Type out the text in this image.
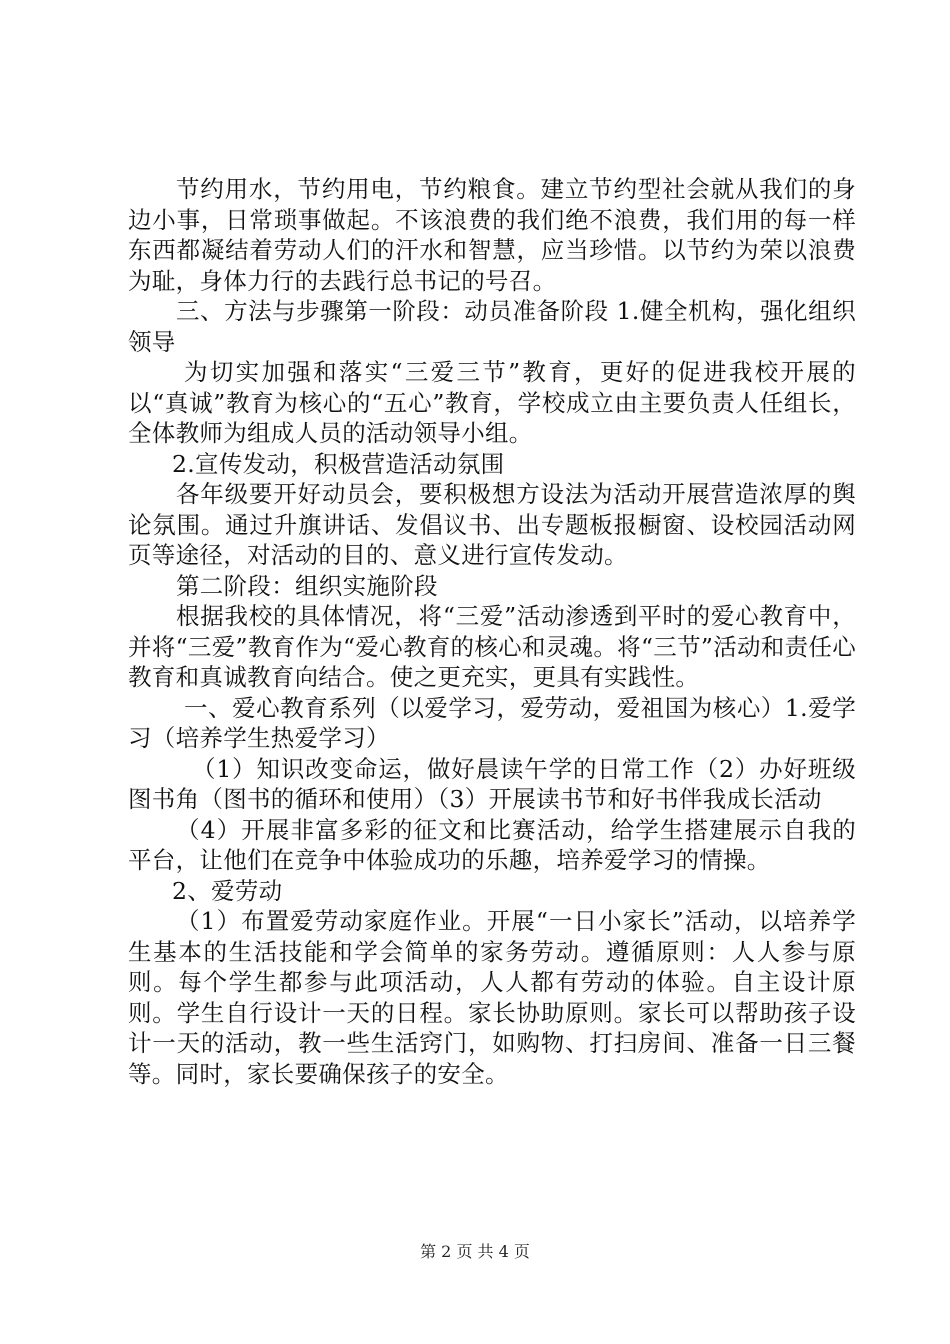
节约用水，节约用电，节约粮食。建立节约型社会就从我们的身边小事，日常琐事做起。不该浪费的我们绝不浪费，我们用的每一样东西都凝结着劳动人们的汗水和智慧，应当珍惜。以节约为荣以浪费为耻，身体力行的去践行总书记的号召。

三、方法与步骤第一阶段：动员准备阶段 1.健全机构，强化组织领导

为切实加强和落实“三爱三节”教育，更好的促进我校开展的以“真诚”教育为核心的“五心”教育，学校成立由主要负责人任组长，全体教师为组成人员的活动领导小组。

2.宣传发动，积极营造活动氛围

各年级要开好动员会，要积极想方设法为活动开展营造浓厚的舆论氛围。通过升旗讲话、发倡议书、出专题板报橱窗、设校园活动网页等途径，对活动的目的、意义进行宣传发动。

第二阶段：组织实施阶段

根据我校的具体情况，将“三爱”活动渗透到平时的爱心教育中，并将“三爱”教育作为“爱心教育的核心和灵魂。将“三节”活动和责任心教育和真诚教育向结合。使之更充实，更具有实践性。

一、爱心教育系列（以爱学习，爱劳动，爱祖国为核心）1.爱学习（培养学生热爱学习）

（1）知识改变命运，做好晨读午学的日常工作（2）办好班级图书角（图书的循环和使用）（3）开展读书节和好书伴我成长活动

（4）开展非富多彩的征文和比赛活动，给学生搭建展示自我的平台，让他们在竞争中体验成功的乐趣，培养爱学习的情操。

2、爱劳动

（1）布置爱劳动家庭作业。开展“一日小家长”活动，以培养学生基本的生活技能和学会简单的家务劳动。遵循原则：人人参与原则。每个学生都参与此项活动，人人都有劳动的体验。自主设计原则。学生自行设计一天的日程。家长协助原则。家长可以帮助孩子设计一天的活动，教一些生活窍门，如购物、打扫房间、准备一日三餐等。同时，家长要确保孩子的安全。

第 2 页 共 4 页
